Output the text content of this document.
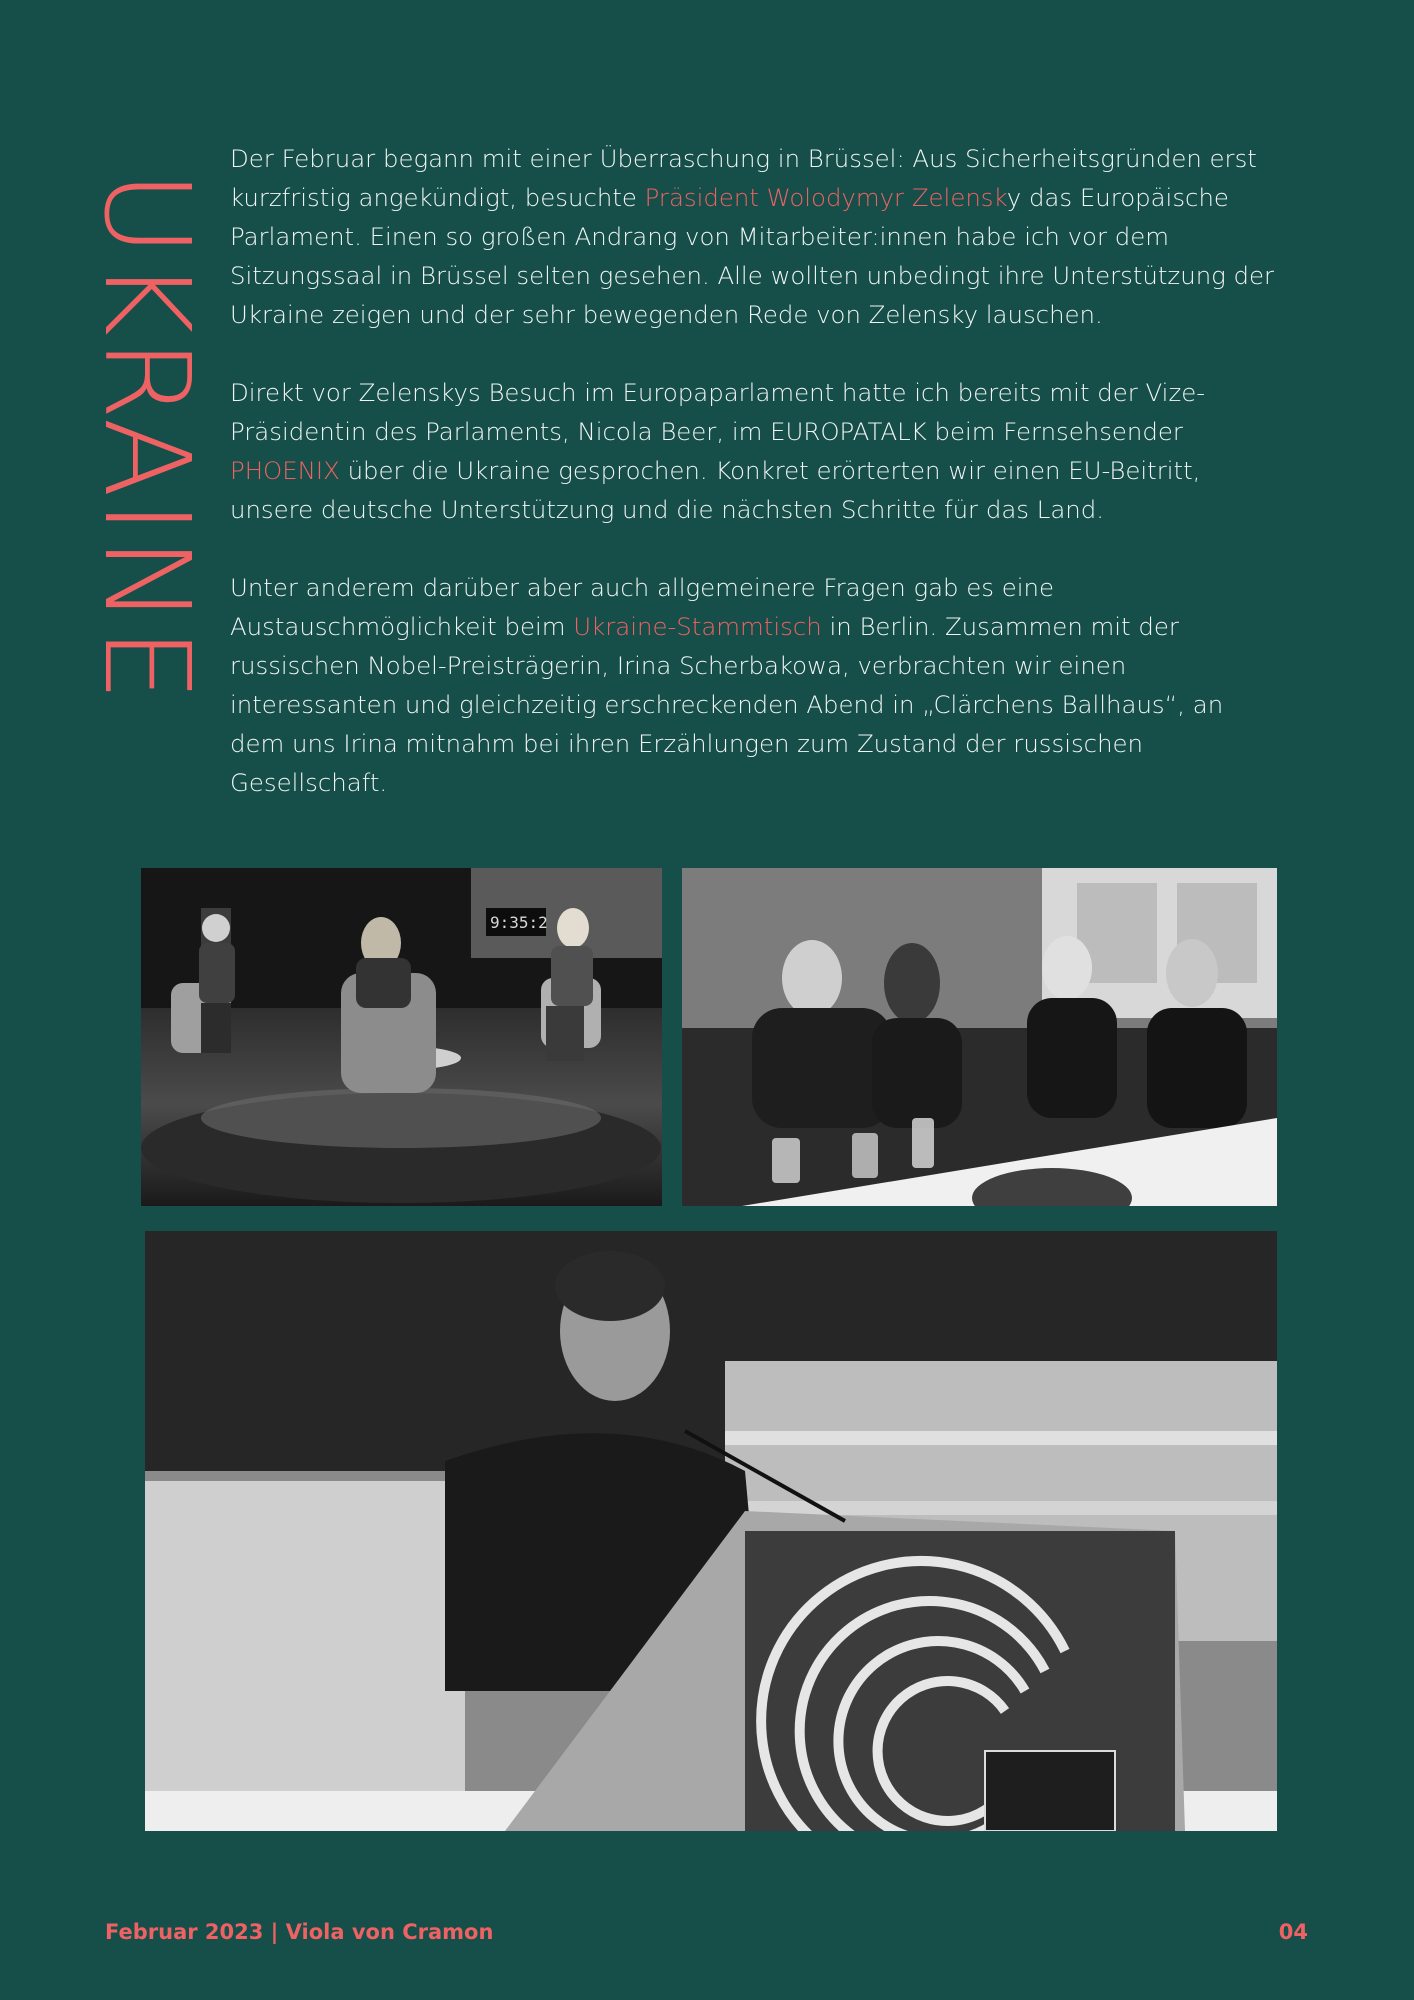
UKRAINE

Der Februar begann mit einer Überraschung in Brüssel: Aus Sicherheitsgründen erst kurzfristig angekündigt, besuchte Präsident Wolodymyr Zelensky das Europäische Parlament. Einen so großen Andrang von Mitarbeiter:innen habe ich vor dem Sitzungssaal in Brüssel selten gesehen. Alle wollten unbedingt ihre Unterstützung der Ukraine zeigen und der sehr bewegenden Rede von Zelensky lauschen.

Direkt vor Zelenskys Besuch im Europaparlament hatte ich bereits mit der Vize-Präsidentin des Parlaments, Nicola Beer, im EUROPATALK beim Fernsehsender PHOENIX über die Ukraine gesprochen. Konkret erörterten wir einen EU-Beitritt, unsere deutsche Unterstützung und die nächsten Schritte für das Land.

Unter anderem darüber aber auch allgemeinere Fragen gab es eine Austauschmöglichkeit beim Ukraine-Stammtisch in Berlin. Zusammen mit der russischen Nobel-Preisträgerin, Irina Scherbakowa, verbrachten wir einen interessanten und gleichzeitig erschreckenden Abend in „Clärchens Ballhaus“, an dem uns Irina mitnahm bei ihren Erzählungen zum Zustand der russischen Gesellschaft.

9:35:2
Februar 2023 | Viola von Cramon	04
